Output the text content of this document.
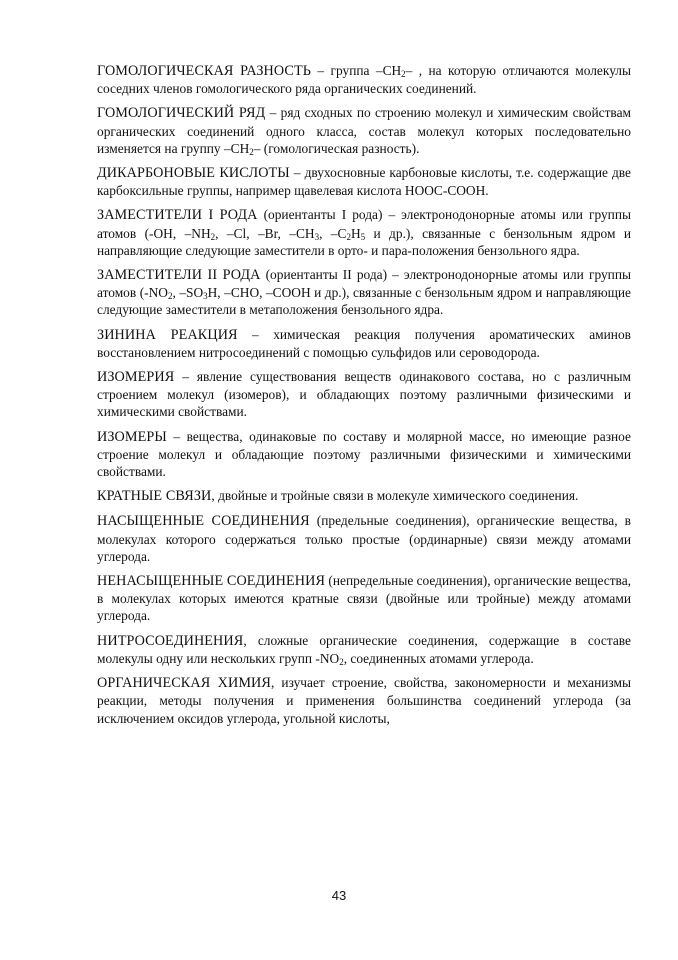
ГОМОЛОГИЧЕСКАЯ РАЗНОСТЬ – группа $-CH_2-$ , на которую отличаются молекулы соседних членов гомологического ряда органических соединений.

ГОМОЛОГИЧЕСКИЙ РЯД – ряд сходных по строению молекул и химическим свойствам органических соединений одного класса, состав молекул которых последовательно изменяется на группу $-CH_2-$ (гомологическая разность).

ДИКАРБОНОВЫЕ КИСЛОТЫ – двухосновные карбоновые кислоты, т.е. содержащие две карбоксильные группы, например щавелевая кислота HOOC-COOH.

ЗАМЕСТИТЕЛИ I РОДА (ориентанты I рода) – электронодонорные атомы или группы атомов (-OH, $-NH_2$, –Cl, –Br, $-CH_3$, $-C_2H_5$ и др.), связанные с бензольным ядром и направляющие следующие заместители в орто- и пара-положения бензольного ядра.

ЗАМЕСТИТЕЛИ II РОДА (ориентанты II рода) – электронодонорные атомы или группы атомов ($-NO_2$, $-SO_3H$, –CHO, –COOH и др.), связанные с бензольным ядром и направляющие следующие заместители в метаположения бензольного ядра.

ЗИНИНА РЕАКЦИЯ – химическая реакция получения ароматических аминов восстановлением нитросоединений с помощью сульфидов или сероводорода.

ИЗОМЕРИЯ – явление существования веществ одинакового состава, но с различным строением молекул (изомеров), и обладающих поэтому различными физическими и химическими свойствами.

ИЗОМЕРЫ – вещества, одинаковые по составу и молярной массе, но имеющие разное строение молекул и обладающие поэтому различными физическими и химическими свойствами.

КРАТНЫЕ СВЯЗИ, двойные и тройные связи в молекуле химического соединения.

НАСЫЩЕННЫЕ СОЕДИНЕНИЯ (предельные соединения), органические вещества, в молекулах которого содержаться только простые (ординарные) связи между атомами углерода.

НЕНАСЫЩЕННЫЕ СОЕДИНЕНИЯ (непредельные соединения), органические вещества, в молекулах которых имеются кратные связи (двойные или тройные) между атомами углерода.

НИТРОСОЕДИНЕНИЯ, сложные органические соединения, содержащие в составе молекулы одну или нескольких групп $-NO_2$, соединенных атомами углерода.

ОРГАНИЧЕСКАЯ ХИМИЯ, изучает строение, свойства, закономерности и механизмы реакции, методы получения и применения большинства соединений углерода (за исключением оксидов углерода, угольной кислоты,

43
